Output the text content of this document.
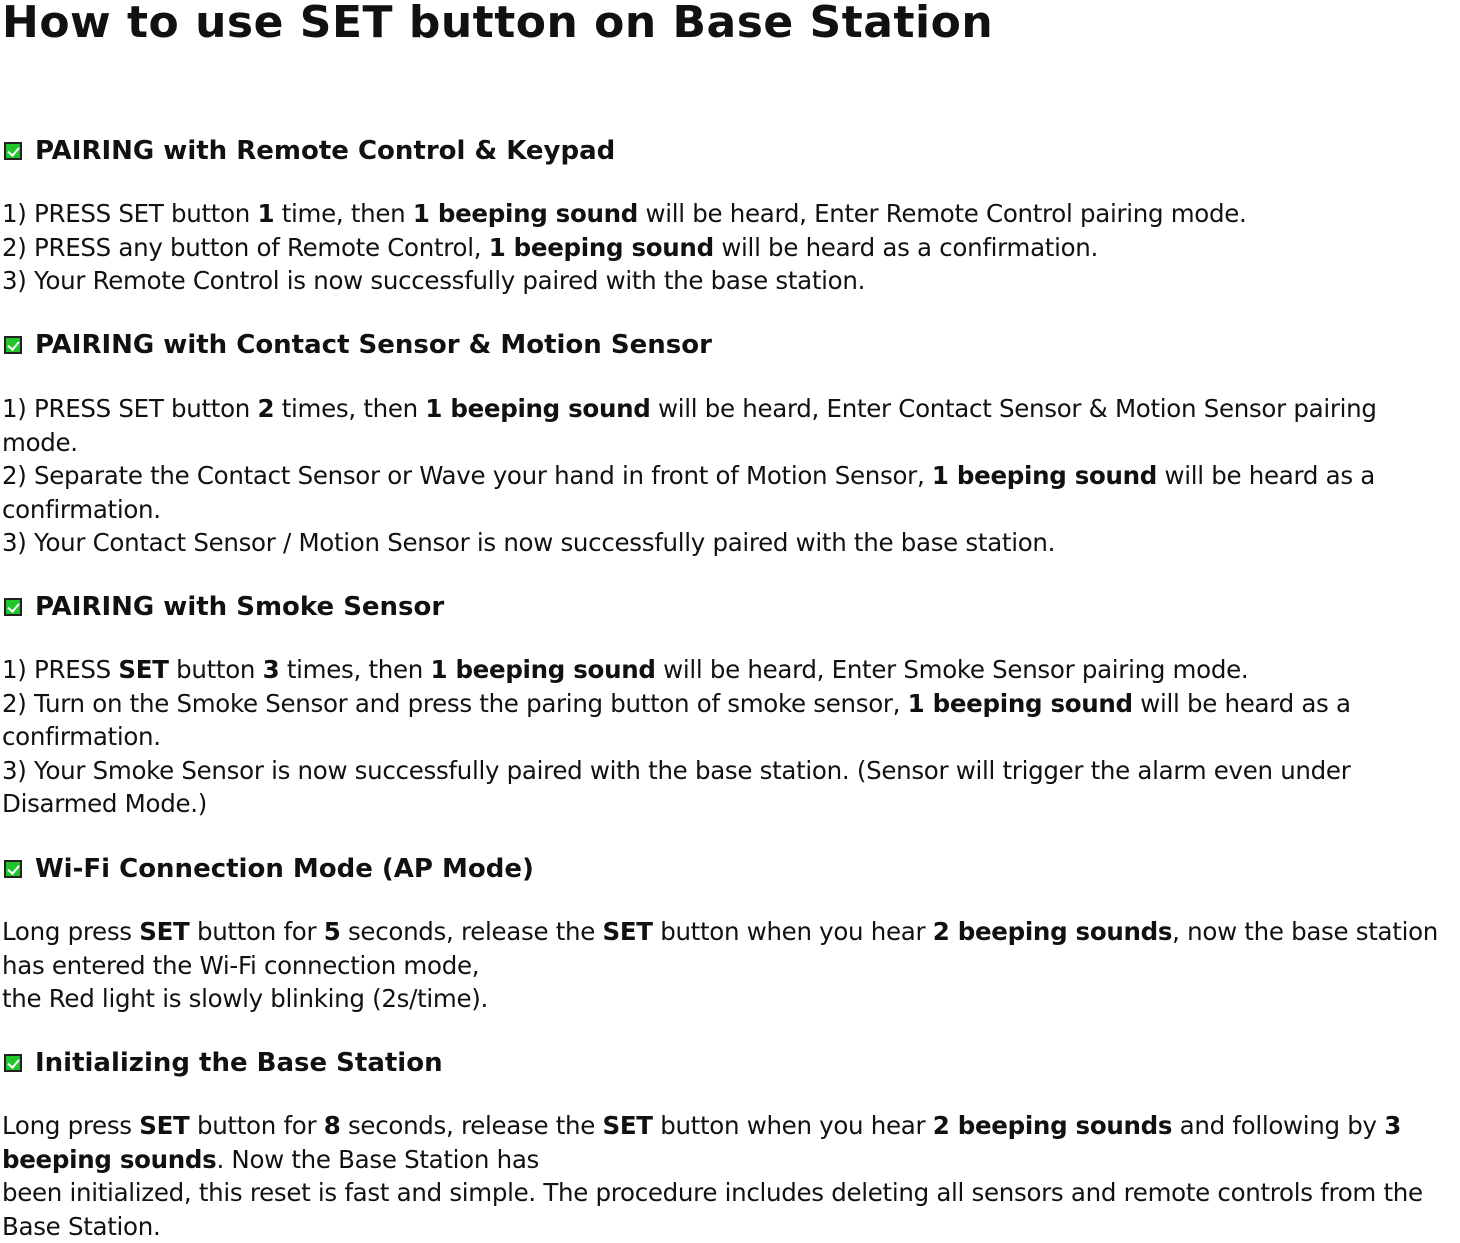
How to use SET button on Base Station
PAIRING with Remote Control & Keypad

1) PRESS SET button 1 time, then 1 beeping sound will be heard, Enter Remote Control pairing mode.

2) PRESS any button of Remote Control, 1 beeping sound will be heard as a confirmation.

3) Your Remote Control is now successfully paired with the base station.

PAIRING with Contact Sensor & Motion Sensor

1) PRESS SET button 2 times, then 1 beeping sound will be heard, Enter Contact Sensor & Motion Sensor pairing mode.

2) Separate the Contact Sensor or Wave your hand in front of Motion Sensor, 1 beeping sound will be heard as a confirmation.

3) Your Contact Sensor / Motion Sensor is now successfully paired with the base station.

PAIRING with Smoke Sensor

1) PRESS SET button 3 times, then 1 beeping sound will be heard, Enter Smoke Sensor pairing mode.

2) Turn on the Smoke Sensor and press the paring button of smoke sensor, 1 beeping sound will be heard as a confirmation.

3) Your Smoke Sensor is now successfully paired with the base station. (Sensor will trigger the alarm even under Disarmed Mode.)

Wi-Fi Connection Mode (AP Mode)

Long press SET button for 5 seconds, release the SET button when you hear 2 beeping sounds, now the base station has entered the Wi-Fi connection mode,

the Red light is slowly blinking (2s/time).

Initializing the Base Station

Long press SET button for 8 seconds, release the SET button when you hear 2 beeping sounds and following by 3 beeping sounds. Now the Base Station has

been initialized, this reset is fast and simple. The procedure includes deleting all sensors and remote controls from the Base Station.
